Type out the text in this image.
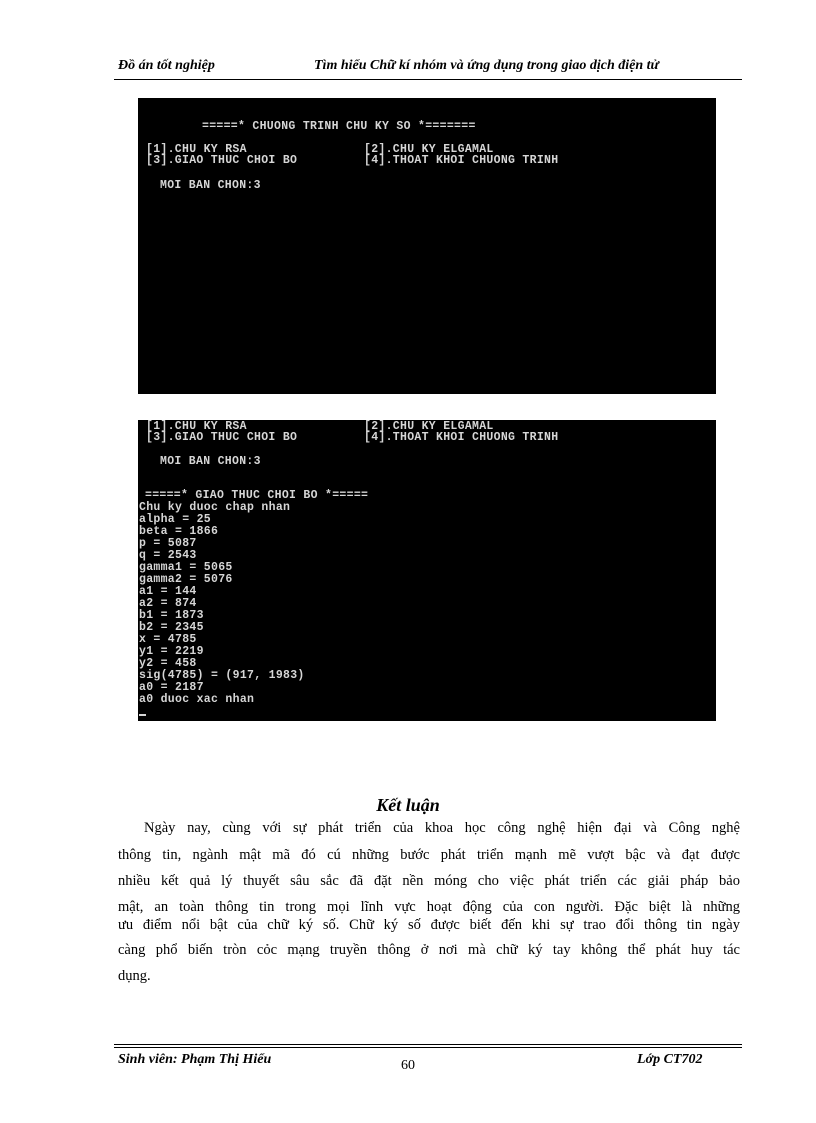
Đồ án tốt nghiệp	Tìm hiểu Chữ kí nhóm và ứng dụng trong giao dịch điện tử
=====* CHUONG TRINH CHU KY SO *=======
[1].CHU KY RSA	[2].CHU KY ELGAMAL
[3].GIAO THUC CHOI BO	[4].THOAT KHOI CHUONG TRINH
MOI BAN CHON:3
[1].CHU KY RSA	[2].CHU KY ELGAMAL
[3].GIAO THUC CHOI BO	[4].THOAT KHOI CHUONG TRINH
MOI BAN CHON:3
=====* GIAO THUC CHOI BO *=====
Chu ky duoc chap nhan
alpha = 25
beta = 1866
p = 5087
q = 2543
gamma1 = 5065
gamma2 = 5076
a1 = 144
a2 = 874
b1 = 1873
b2 = 2345
x = 4785
y1 = 2219
y2 = 458
sig(4785) = (917, 1983)
a0 = 2187
a0 duoc xac nhan
Kết luận
Ngày nay, cùng với sự phát triển của khoa học công nghệ hiện đại và Công nghệ
thông tin, ngành mật mã đó cú những bước phát triển mạnh mẽ vượt bậc và đạt được
nhiều kết quả lý thuyết sâu sắc đã đặt nền móng cho việc phát triển các giải pháp bảo
mật, an toàn thông tin trong mọi lĩnh vực hoạt động của con người. Đặc biệt là những
ưu điểm nổi bật của chữ ký số. Chữ ký số được biết đến khi sự trao đổi thông tin ngày
càng phổ biến tròn cỏc mạng truyền thông ở nơi mà chữ ký tay không thể phát huy tác
dụng.
Sinh viên: Phạm Thị Hiểu	60	Lớp CT702
